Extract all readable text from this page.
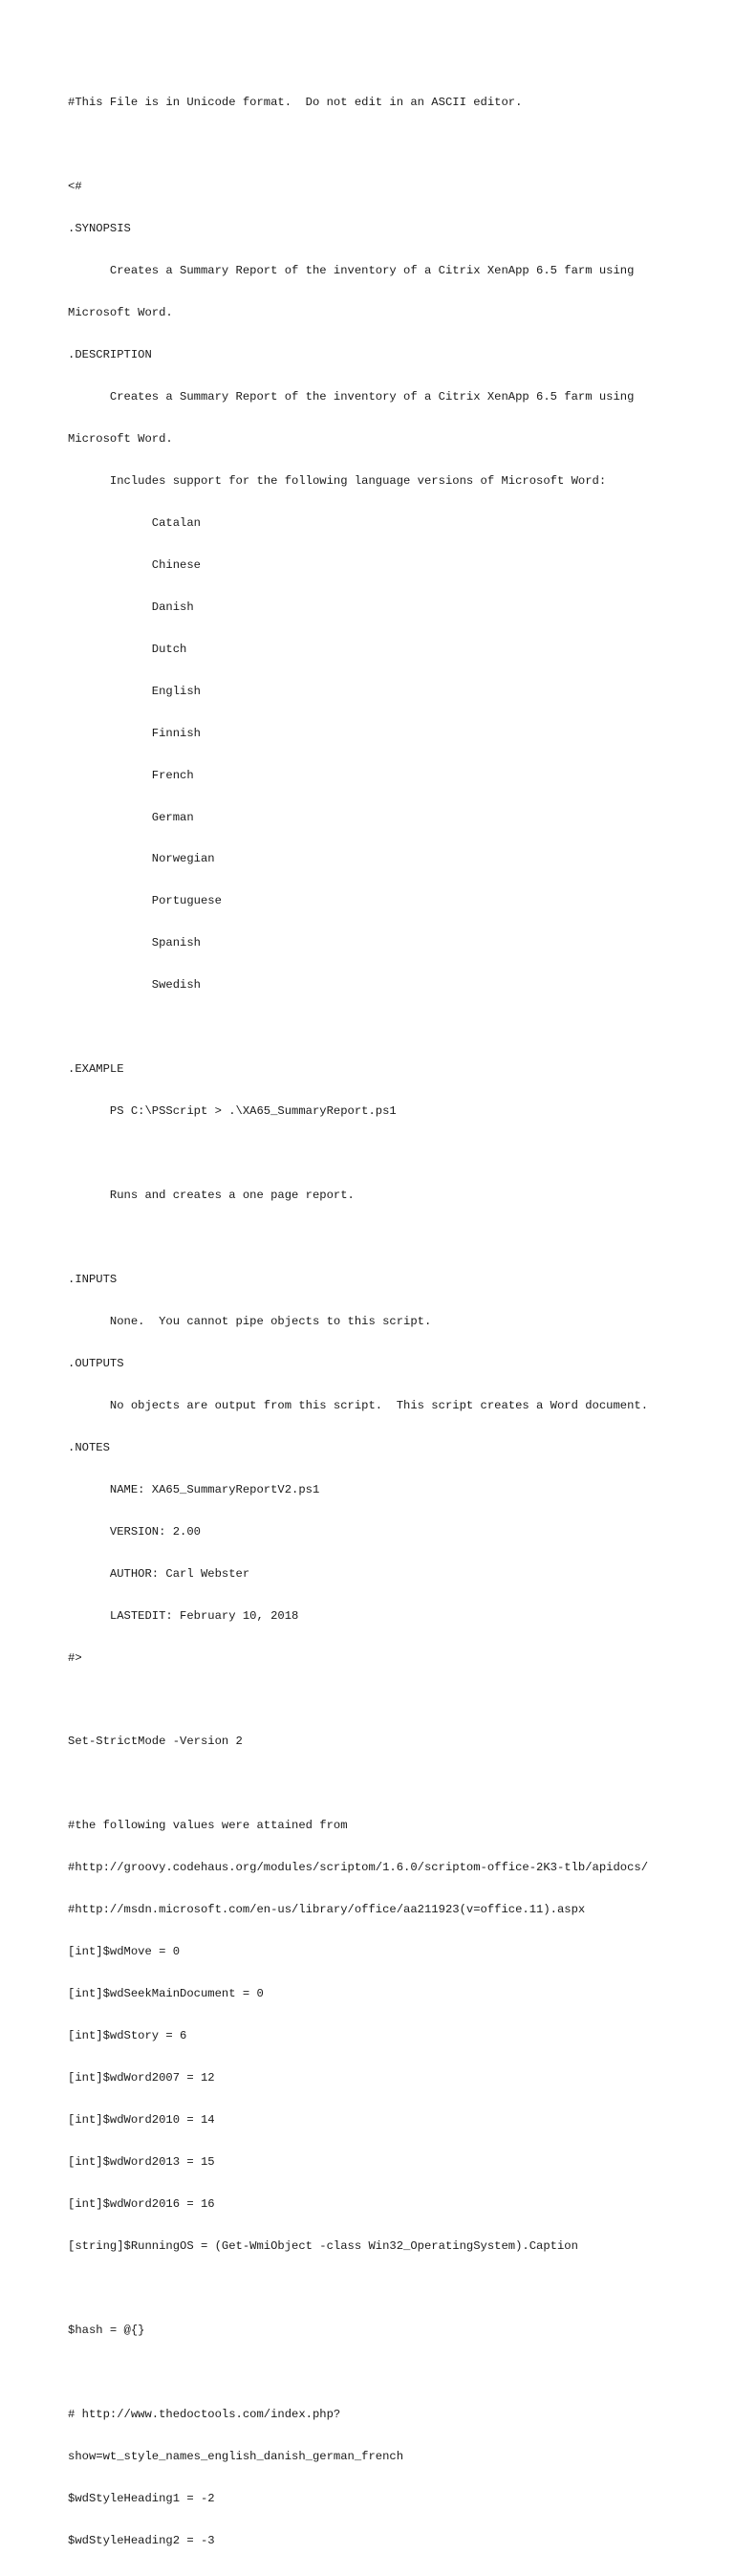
#This File is in Unicode format.  Do not edit in an ASCII editor.

<#

.SYNOPSIS

Creates a Summary Report of the inventory of a Citrix XenApp 6.5 farm using

Microsoft Word.

.DESCRIPTION

Creates a Summary Report of the inventory of a Citrix XenApp 6.5 farm using

Microsoft Word.

Includes support for the following language versions of Microsoft Word:

Catalan

Chinese

Danish

Dutch

English

Finnish

French

German

Norwegian

Portuguese

Spanish

Swedish

.EXAMPLE

PS C:\PSScript > .\XA65_SummaryReport.ps1

Runs and creates a one page report.

.INPUTS

None.  You cannot pipe objects to this script.

.OUTPUTS

No objects are output from this script.  This script creates a Word document.

.NOTES

NAME: XA65_SummaryReportV2.ps1

VERSION: 2.00

AUTHOR: Carl Webster

LASTEDIT: February 10, 2018

#>

Set-StrictMode -Version 2

#the following values were attained from

#http://groovy.codehaus.org/modules/scriptom/1.6.0/scriptom-office-2K3-tlb/apidocs/

#http://msdn.microsoft.com/en-us/library/office/aa211923(v=office.11).aspx

[int]$wdMove = 0

[int]$wdSeekMainDocument = 0

[int]$wdStory = 6

[int]$wdWord2007 = 12

[int]$wdWord2010 = 14

[int]$wdWord2013 = 15

[int]$wdWord2016 = 16

[string]$RunningOS = (Get-WmiObject -class Win32_OperatingSystem).Caption

$hash = @{}

# http://www.thedoctools.com/index.php?

show=wt_style_names_english_danish_german_french

$wdStyleHeading1 = -2

$wdStyleHeading2 = -3
